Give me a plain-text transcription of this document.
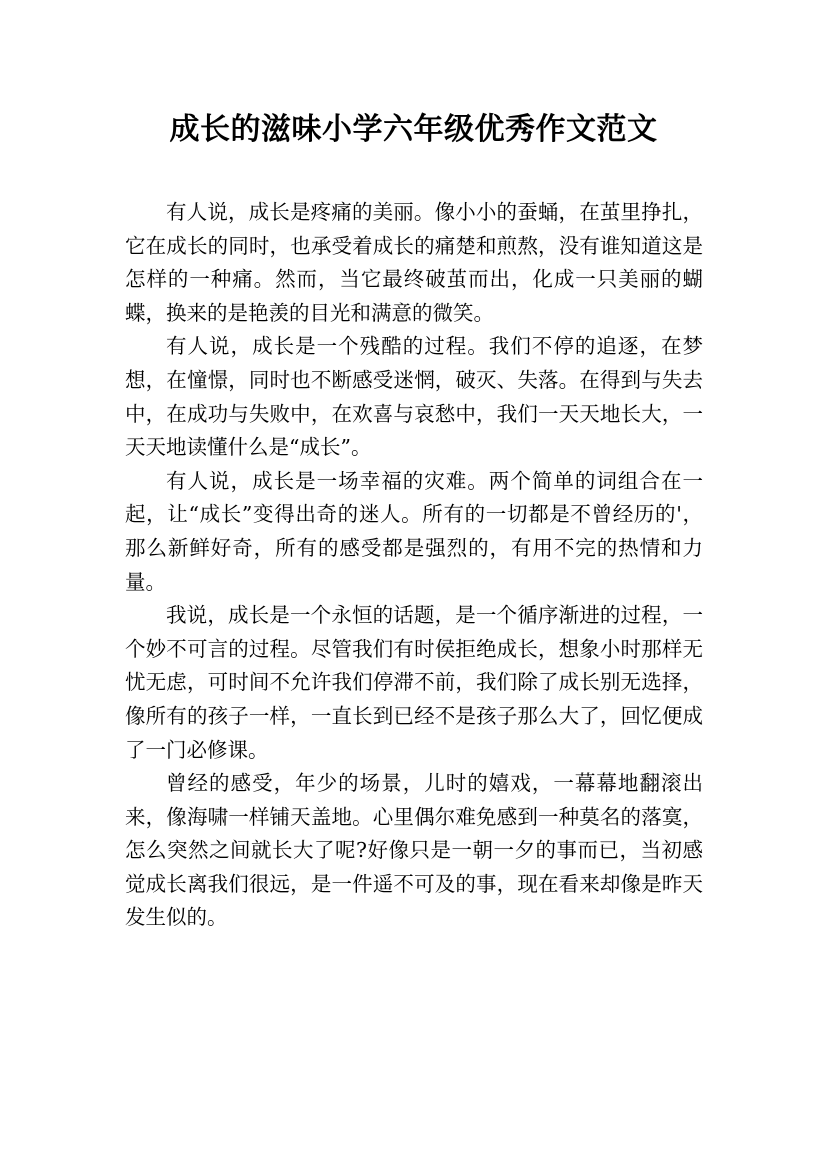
成长的滋味小学六年级优秀作文范文

有人说，成长是疼痛的美丽。像小小的蚕蛹，在茧里挣扎，它在成长的同时，也承受着成长的痛楚和煎熬，没有谁知道这是怎样的一种痛。然而，当它最终破茧而出，化成一只美丽的蝴蝶，换来的是艳羡的目光和满意的微笑。

有人说，成长是一个残酷的过程。我们不停的追逐，在梦想，在憧憬，同时也不断感受迷惘，破灭、失落。在得到与失去中，在成功与失败中，在欢喜与哀愁中，我们一天天地长大，一天天地读懂什么是“成长”。

有人说，成长是一场幸福的灾难。两个简单的词组合在一起，让“成长”变得出奇的迷人。所有的一切都是不曾经历的'，那么新鲜好奇，所有的感受都是强烈的，有用不完的热情和力量。

我说，成长是一个永恒的话题，是一个循序渐进的过程，一个妙不可言的过程。尽管我们有时侯拒绝成长，想象小时那样无忧无虑，可时间不允许我们停滞不前，我们除了成长别无选择，像所有的孩子一样，一直长到已经不是孩子那么大了，回忆便成了一门必修课。

曾经的感受，年少的场景，儿时的嬉戏，一幕幕地翻滚出来，像海啸一样铺天盖地。心里偶尔难免感到一种莫名的落寞，怎么突然之间就长大了呢?好像只是一朝一夕的事而已，当初感觉成长离我们很远，是一件遥不可及的事，现在看来却像是昨天发生似的。
